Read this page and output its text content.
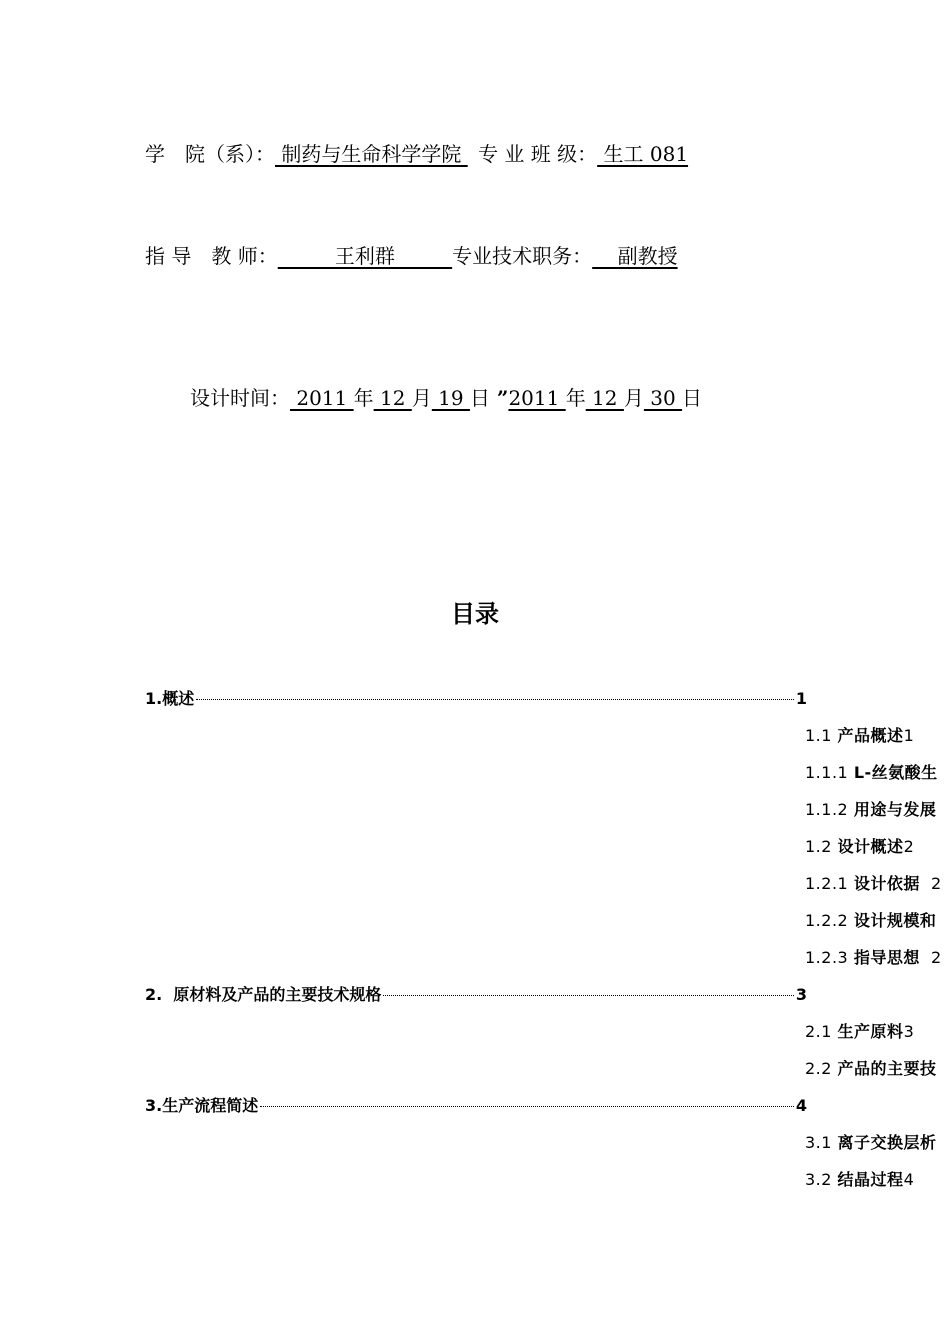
学　院（系）： 制药与生命科学学院  专 业 班 级： 生工 081
指 导　教 师：         王利群         专业技术职务：    副教授
设计时间： 2011 年 12 月 19 日 ”2011 年 12 月 30 日
目录
1.概述	1
1.1 产品概述1
1.1.1 L-丝氨酸生
1.1.2 用途与发展
1.2 设计概述2
1.2.1 设计依据  2
1.2.2 设计规模和
1.2.3 指导思想  2
2.  原材料及产品的主要技术规格	3
2.1 生产原料3
2.2 产品的主要技
3.生产流程简述	4
3.1 离子交换层析
3.2 结晶过程4
